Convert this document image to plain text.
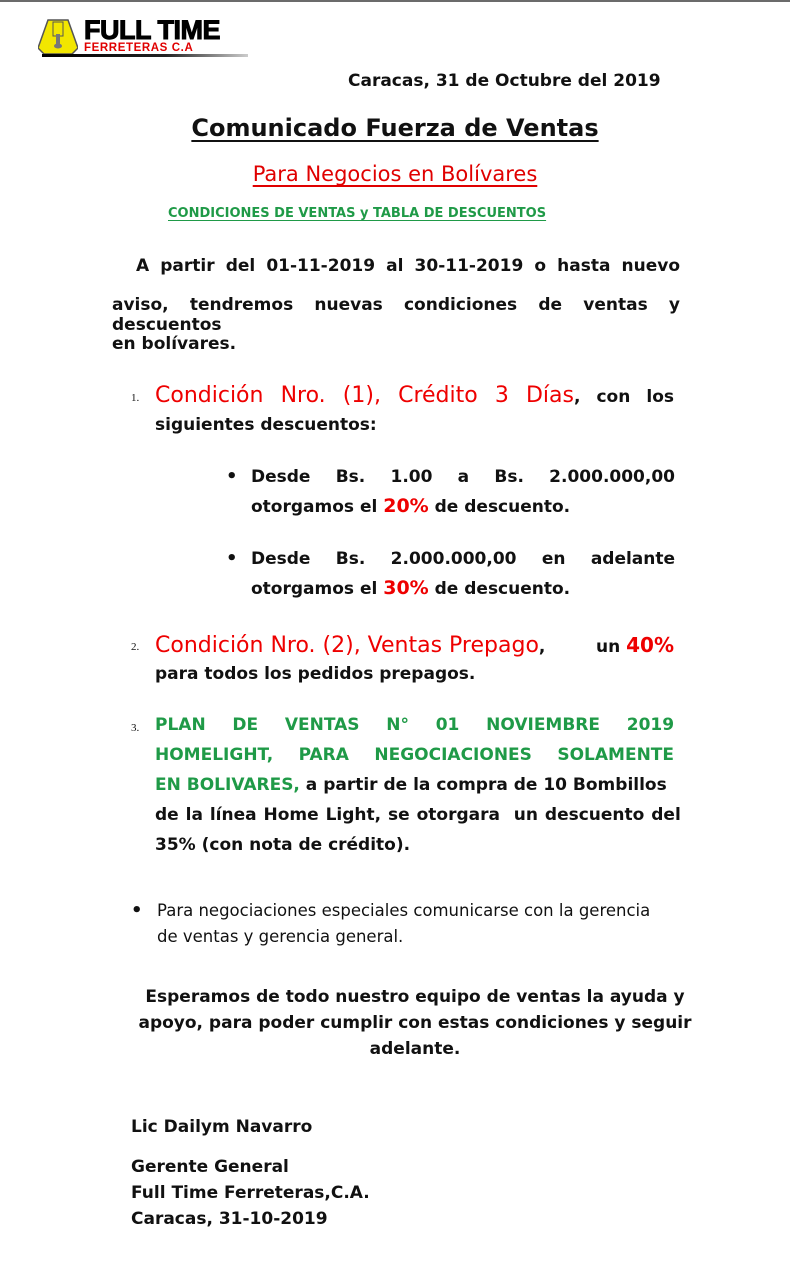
FULL TIME
FERRETERAS C.A
Caracas, 31 de Octubre del 2019
Comunicado Fuerza de Ventas
Para Negocios en Bolívares
CONDICIONES DE VENTAS y TABLA DE DESCUENTOS
A partir del 01-11-2019 al 30-11-2019 o hasta nuevo
aviso, tendremos nuevas condiciones de ventas y descuentos
en bolívares.
1. Condición Nro. (1), Crédito 3 Días, con los
siguientes descuentos:
• Desde Bs. 1.00 a Bs. 2.000.000,00
otorgamos el 20% de descuento.
• Desde Bs. 2.000.000,00 en adelante
otorgamos el 30% de descuento.
2. Condición Nro. (2), Ventas Prepago,	un 40%
para todos los pedidos prepagos.
3. PLAN DE VENTAS N° 01 NOVIEMBRE 2019
HOMELIGHT, PARA NEGOCIACIONES SOLAMENTE
EN BOLIVARES, a partir de la compra de 10 Bombillos
de la línea Home Light, se otorgara  un descuento del
35% (con nota de crédito).
• Para negociaciones especiales comunicarse con la gerencia
de ventas y gerencia general.
Esperamos de todo nuestro equipo de ventas la ayuda y
apoyo, para poder cumplir con estas condiciones y seguir
adelante.
Lic Dailym Navarro
Gerente General
Full Time Ferreteras,C.A.
Caracas, 31-10-2019
